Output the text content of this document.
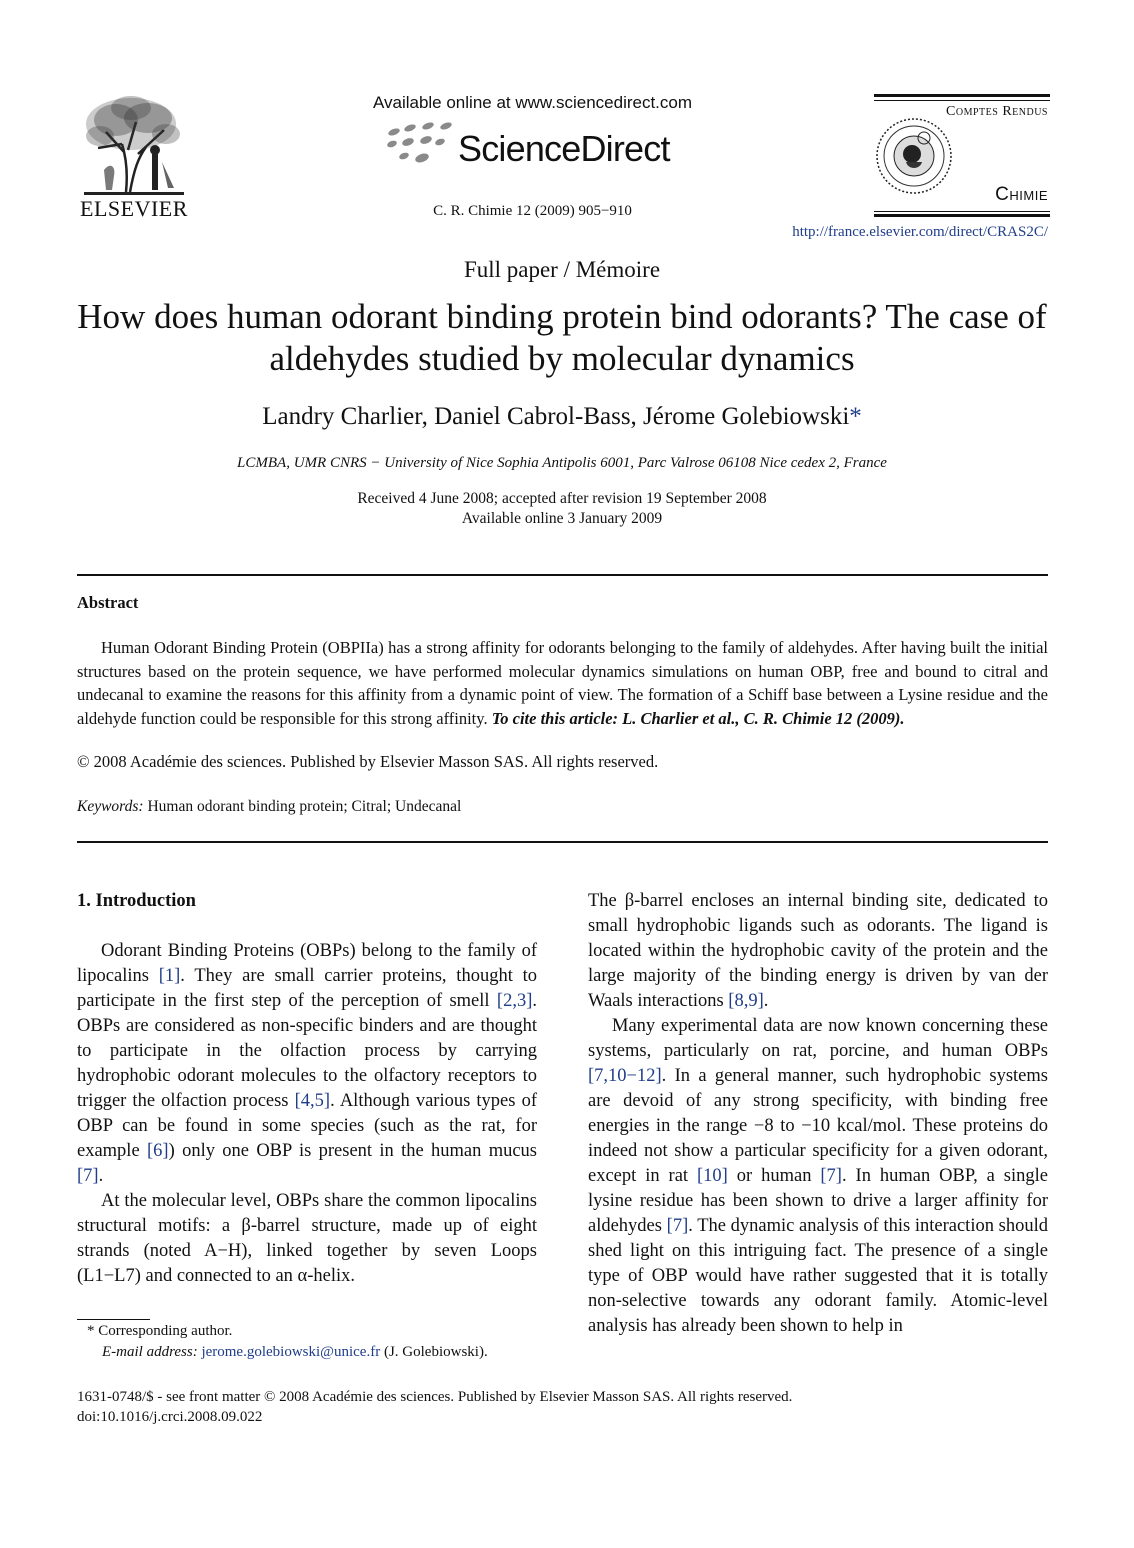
ELSEVIER
Available online at www.sciencedirect.com
ScienceDirect
C. R. Chimie 12 (2009) 905−910
Comptes Rendus
Chimie
http://france.elsevier.com/direct/CRAS2C/
Full paper / Mémoire
How does human odorant binding protein bind odorants? The case of aldehydes studied by molecular dynamics
Landry Charlier, Daniel Cabrol-Bass, Jérome Golebiowski*
LCMBA, UMR CNRS − University of Nice Sophia Antipolis 6001, Parc Valrose 06108 Nice cedex 2, France
Received 4 June 2008; accepted after revision 19 September 2008
Available online 3 January 2009
Abstract

Human Odorant Binding Protein (OBPIIa) has a strong affinity for odorants belonging to the family of aldehydes. After having built the initial structures based on the protein sequence, we have performed molecular dynamics simulations on human OBP, free and bound to citral and undecanal to examine the reasons for this affinity from a dynamic point of view. The formation of a Schiff base between a Lysine residue and the aldehyde function could be responsible for this strong affinity. To cite this article: L. Charlier et al., C. R. Chimie 12 (2009).

© 2008 Académie des sciences. Published by Elsevier Masson SAS. All rights reserved.
Keywords: Human odorant binding protein; Citral; Undecanal
1. Introduction

Odorant Binding Proteins (OBPs) belong to the family of lipocalins [1]. They are small carrier proteins, thought to participate in the first step of the perception of smell [2,3]. OBPs are considered as non-specific binders and are thought to participate in the olfaction process by carrying hydrophobic odorant molecules to the olfactory receptors to trigger the olfaction process [4,5]. Although various types of OBP can be found in some species (such as the rat, for example [6]) only one OBP is present in the human mucus [7].

At the molecular level, OBPs share the common lipocalins structural motifs: a β-barrel structure, made up of eight strands (noted A−H), linked together by seven Loops (L1−L7) and connected to an α-helix.

The β-barrel encloses an internal binding site, dedicated to small hydrophobic ligands such as odorants. The ligand is located within the hydrophobic cavity of the protein and the large majority of the binding energy is driven by van der Waals interactions [8,9].

Many experimental data are now known concerning these systems, particularly on rat, porcine, and human OBPs [7,10−12]. In a general manner, such hydrophobic systems are devoid of any strong specificity, with binding free energies in the range −8 to −10 kcal/mol. These proteins do indeed not show a particular specificity for a given odorant, except in rat [10] or human [7]. In human OBP, a single lysine residue has been shown to drive a larger affinity for aldehydes [7]. The dynamic analysis of this interaction should shed light on this intriguing fact. The presence of a single type of OBP would have rather suggested that it is totally non-selective towards any odorant family. Atomic-level analysis has already been shown to help in

* Corresponding author.
E-mail address: jerome.golebiowski@unice.fr (J. Golebiowski).
1631-0748/$ - see front matter © 2008 Académie des sciences. Published by Elsevier Masson SAS. All rights reserved.
doi:10.1016/j.crci.2008.09.022
